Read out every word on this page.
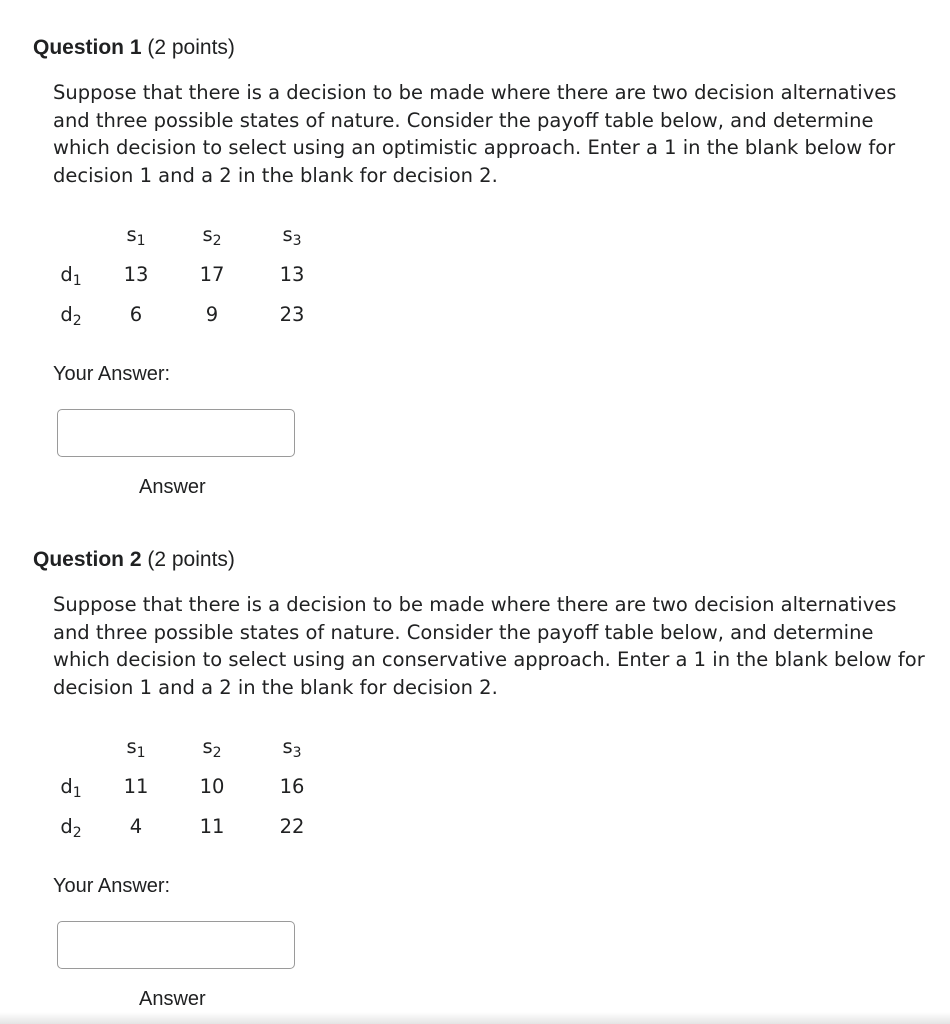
Question 1 (2 points)

Suppose that there is a decision to be made where there are two decision alternatives and three possible states of nature. Consider the payoff table below, and determine which decision to select using an optimistic approach. Enter a 1 in the blank below for decision 1 and a 2 in the blank for decision 2.

	$s_1$	$s_2$	$s_3$
$d_1$	13	17	13
$d_2$	6	9	23

Your Answer:

Answer

Question 2 (2 points)

Suppose that there is a decision to be made where there are two decision alternatives and three possible states of nature. Consider the payoff table below, and determine which decision to select using an conservative approach. Enter a 1 in the blank below for decision 1 and a 2 in the blank for decision 2.

	$s_1$	$s_2$	$s_3$
$d_1$	11	10	16
$d_2$	4	11	22

Your Answer:

Answer
